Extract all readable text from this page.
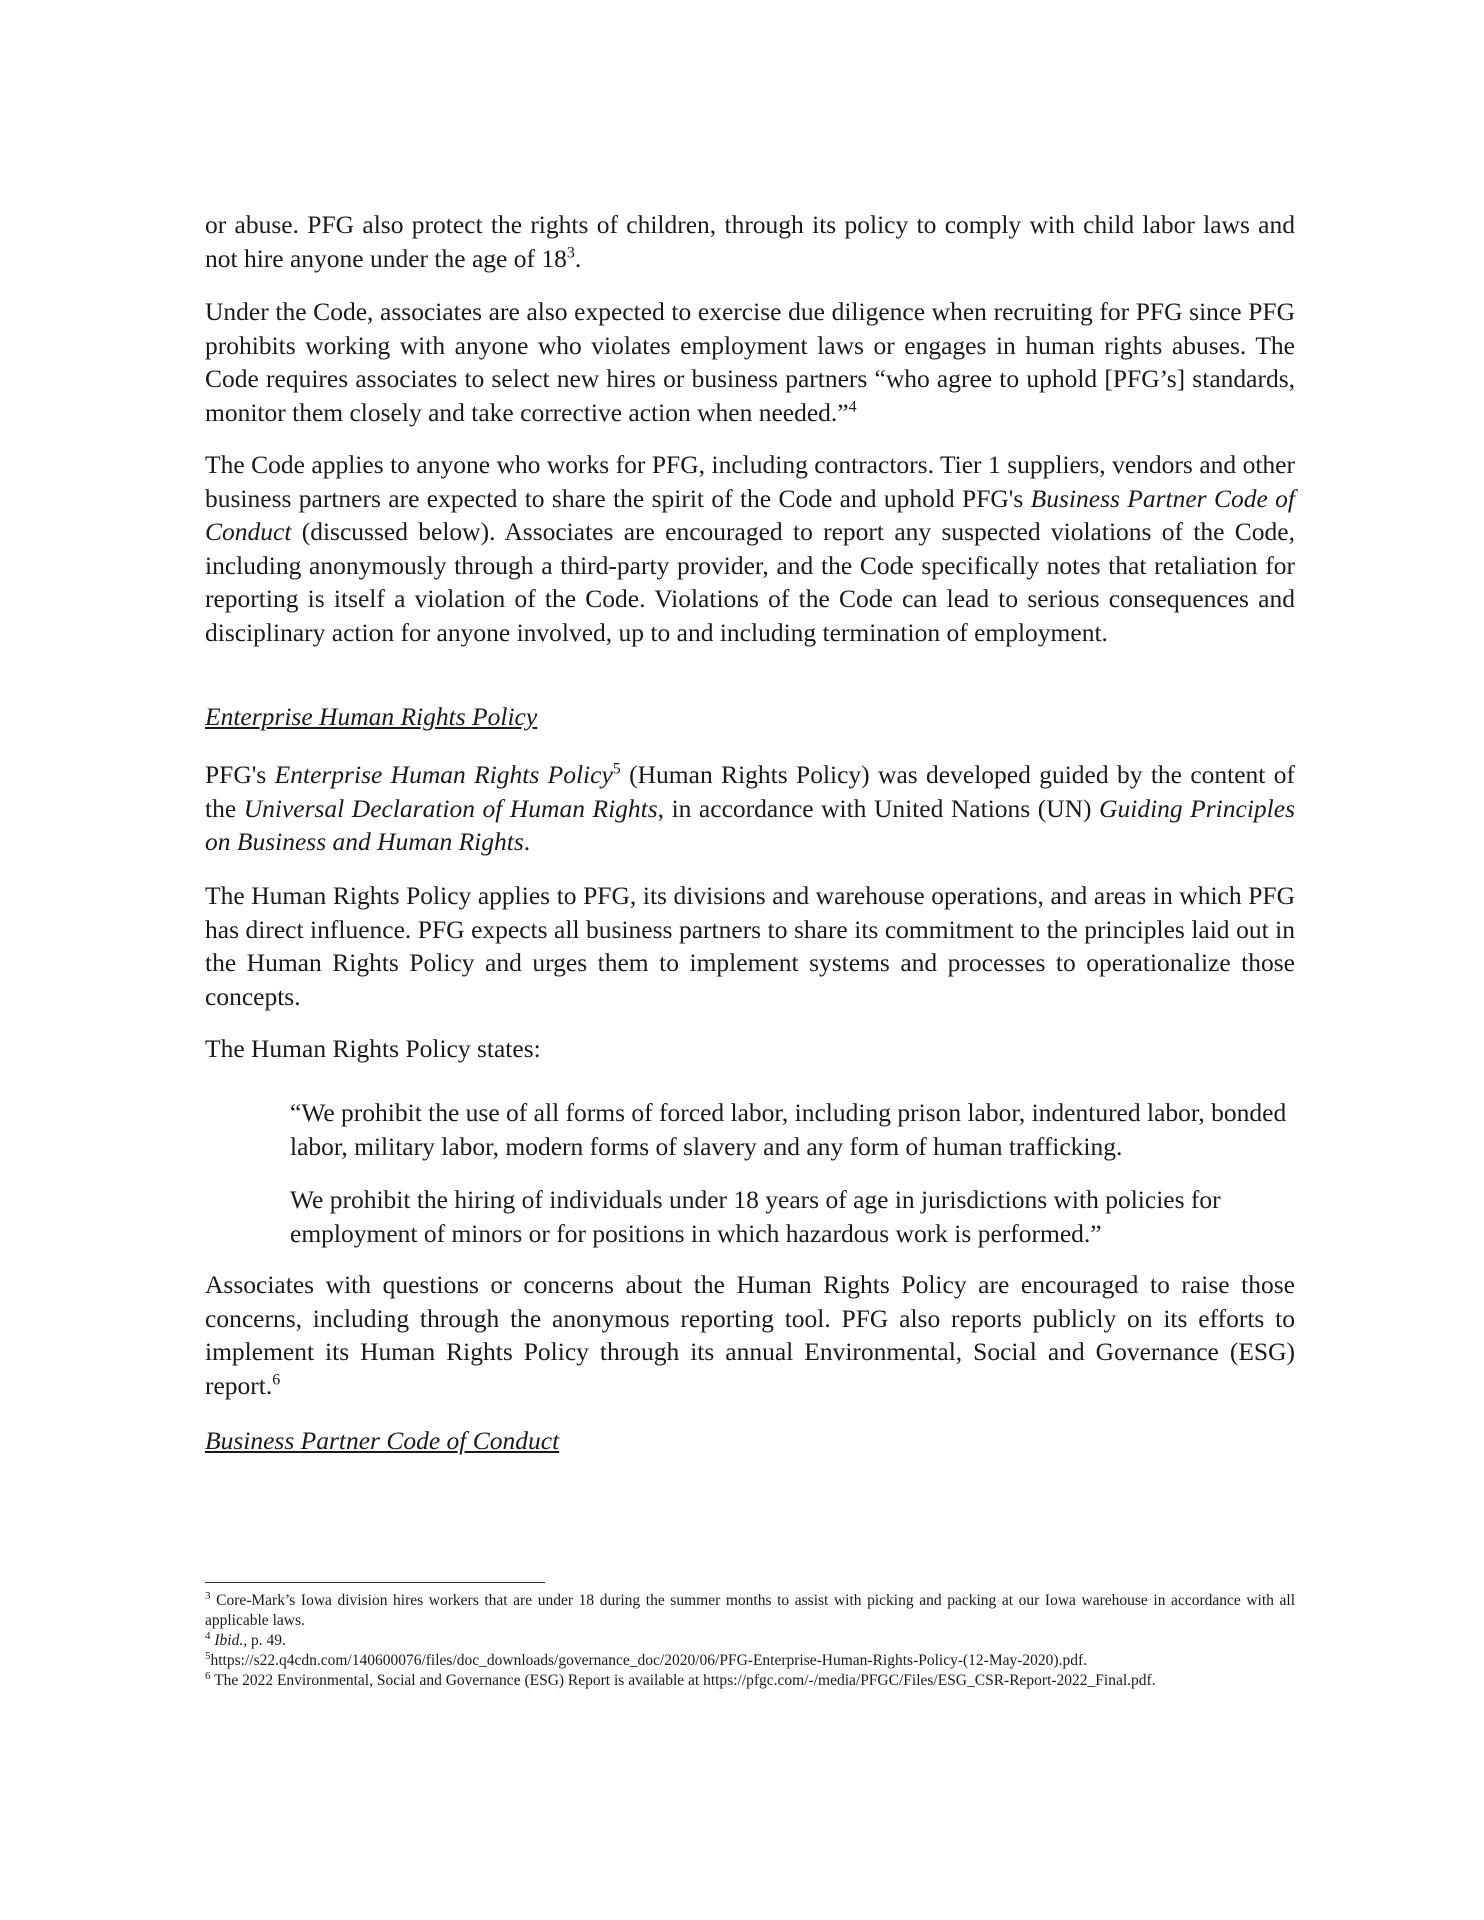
or abuse. PFG also protect the rights of children, through its policy to comply with child labor laws and not hire anyone under the age of $18^3$.

Under the Code, associates are also expected to exercise due diligence when recruiting for PFG since PFG prohibits working with anyone who violates employment laws or engages in human rights abuses. The Code requires associates to select new hires or business partners “who agree to uphold [PFG’s] standards, monitor them closely and take corrective action when needed.”$^4$

The Code applies to anyone who works for PFG, including contractors. Tier 1 suppliers, vendors and other business partners are expected to share the spirit of the Code and uphold PFG's Business Partner Code of Conduct (discussed below). Associates are encouraged to report any suspected violations of the Code, including anonymously through a third-party provider, and the Code specifically notes that retaliation for reporting is itself a violation of the Code. Violations of the Code can lead to serious consequences and disciplinary action for anyone involved, up to and including termination of employment.

Enterprise Human Rights Policy

PFG's Enterprise Human Rights Policy$^5$ (Human Rights Policy) was developed guided by the content of the Universal Declaration of Human Rights, in accordance with United Nations (UN) Guiding Principles on Business and Human Rights.

The Human Rights Policy applies to PFG, its divisions and warehouse operations, and areas in which PFG has direct influence. PFG expects all business partners to share its commitment to the principles laid out in the Human Rights Policy and urges them to implement systems and processes to operationalize those concepts.

The Human Rights Policy states:

“We prohibit the use of all forms of forced labor, including prison labor, indentured labor, bonded labor, military labor, modern forms of slavery and any form of human trafficking.

We prohibit the hiring of individuals under 18 years of age in jurisdictions with policies for employment of minors or for positions in which hazardous work is performed.”

Associates with questions or concerns about the Human Rights Policy are encouraged to raise those concerns, including through the anonymous reporting tool. PFG also reports publicly on its efforts to implement its Human Rights Policy through its annual Environmental, Social and Governance (ESG) report.$^6$

Business Partner Code of Conduct
$^3$ Core-Mark’s Iowa division hires workers that are under 18 during the summer months to assist with picking and packing at our Iowa warehouse in accordance with all applicable laws.
$^4$ Ibid., p. 49.
$^5$https://s22.q4cdn.com/140600076/files/doc_downloads/governance_doc/2020/06/PFG-Enterprise-Human-Rights-Policy-(12-May-2020).pdf.
$^6$ The 2022 Environmental, Social and Governance (ESG) Report is available at https://pfgc.com/-/media/PFGC/Files/ESG_CSR-Report-2022_Final.pdf.
